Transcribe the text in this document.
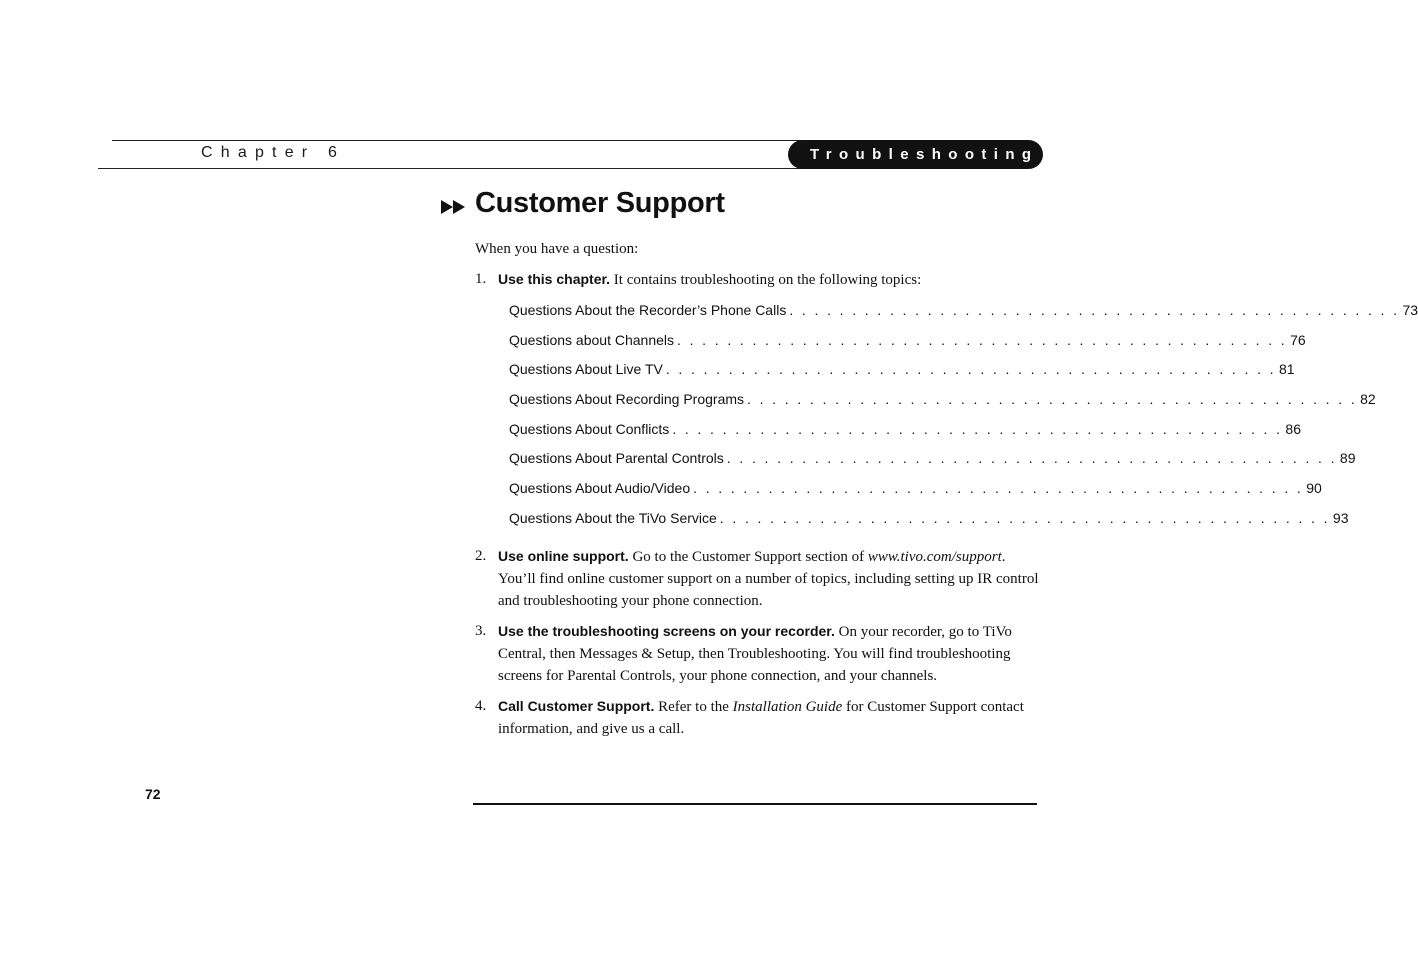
Chapter 6	Troubleshooting
Customer Support

When you have a question:

1. Use this chapter. It contains troubleshooting on the following topics:
Questions About the Recorder’s Phone Calls . . . . . . . . . . . . . . . . . . . . . . . . . . . . . . . . . . . . . . . . . . . . . . . . . 73
Questions about Channels . . . . . . . . . . . . . . . . . . . . . . . . . . . . . . . . . . . . . . . . . . . . . . . . . 76
Questions About Live TV . . . . . . . . . . . . . . . . . . . . . . . . . . . . . . . . . . . . . . . . . . . . . . . . . 81
Questions About Recording Programs . . . . . . . . . . . . . . . . . . . . . . . . . . . . . . . . . . . . . . . . . . . . . . . . . 82
Questions About Conflicts . . . . . . . . . . . . . . . . . . . . . . . . . . . . . . . . . . . . . . . . . . . . . . . . . 86
Questions About Parental Controls . . . . . . . . . . . . . . . . . . . . . . . . . . . . . . . . . . . . . . . . . . . . . . . . . 89
Questions About Audio/Video . . . . . . . . . . . . . . . . . . . . . . . . . . . . . . . . . . . . . . . . . . . . . . . . . 90
Questions About the TiVo Service . . . . . . . . . . . . . . . . . . . . . . . . . . . . . . . . . . . . . . . . . . . . . . . . . 93
2. Use online support. Go to the Customer Support section of www.tivo.com/support. You’ll find online customer support on a number of topics, including setting up IR control and troubleshooting your phone connection.
3. Use the troubleshooting screens on your recorder. On your recorder, go to TiVo Central, then Messages & Setup, then Troubleshooting. You will find troubleshooting screens for Parental Controls, your phone connection, and your channels.
4. Call Customer Support. Refer to the Installation Guide for Customer Support contact information, and give us a call.
72
